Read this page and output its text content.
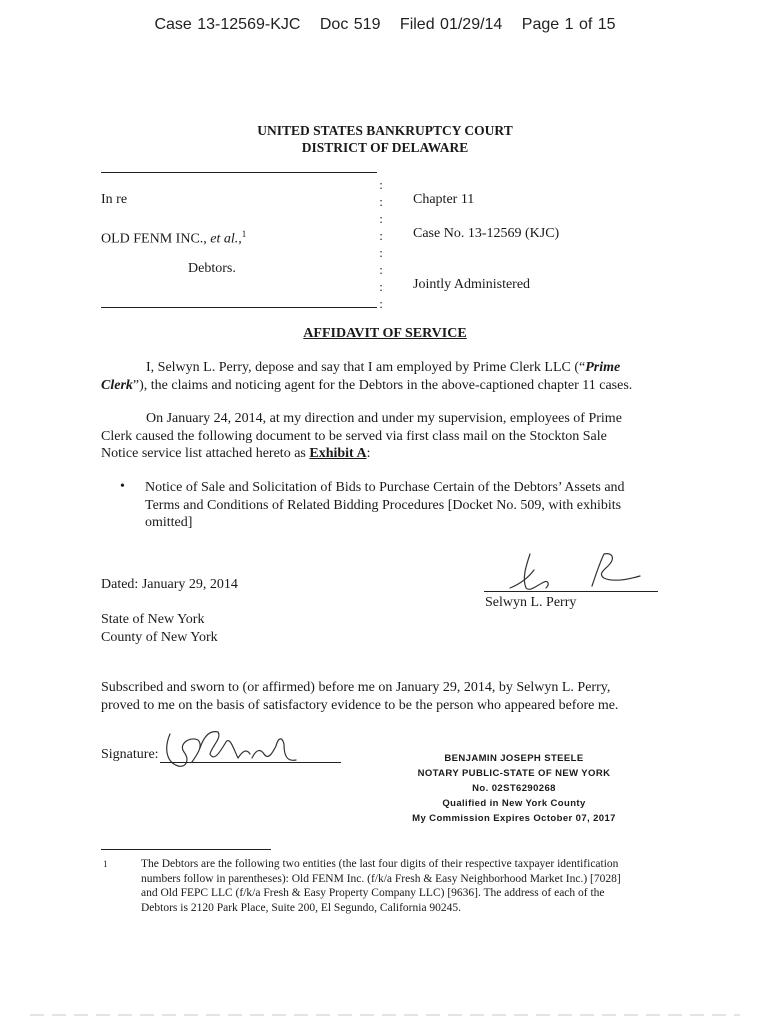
Case 13-12569-KJC Doc 519 Filed 01/29/14 Page 1 of 15
UNITED STATES BANKRUPTCY COURT
DISTRICT OF DELAWARE
In re
OLD FENM INC., et al.,$^1$
Debtors.
Chapter 11
Case No. 13-12569 (KJC)
Jointly Administered
:
:
:
:
:
:
:
:
AFFIDAVIT OF SERVICE
I, Selwyn L. Perry, depose and say that I am employed by Prime Clerk LLC (“Prime
Clerk”), the claims and noticing agent for the Debtors in the above-captioned chapter 11 cases.
On January 24, 2014, at my direction and under my supervision, employees of Prime
Clerk caused the following document to be served via first class mail on the Stockton Sale
Notice service list attached hereto as Exhibit A:
• Notice of Sale and Solicitation of Bids to Purchase Certain of the Debtors’ Assets and
Terms and Conditions of Related Bidding Procedures [Docket No. 509, with exhibits
omitted]
Dated: January 29, 2014
Selwyn L. Perry
State of New York
County of New York
Subscribed and sworn to (or affirmed) before me on January 29, 2014, by Selwyn L. Perry,
proved to me on the basis of satisfactory evidence to be the person who appeared before me.
Signature:	BENJAMIN JOSEPH STEELE
NOTARY PUBLIC-STATE OF NEW YORK
No. 02ST6290268
Qualified in New York County
My Commission Expires October 07, 2017
1	The Debtors are the following two entities (the last four digits of their respective taxpayer identification
numbers follow in parentheses): Old FENM Inc. (f/k/a Fresh & Easy Neighborhood Market Inc.) [7028]
and Old FEPC LLC (f/k/a Fresh & Easy Property Company LLC) [9636]. The address of each of the
Debtors is 2120 Park Place, Suite 200, El Segundo, California 90245.
